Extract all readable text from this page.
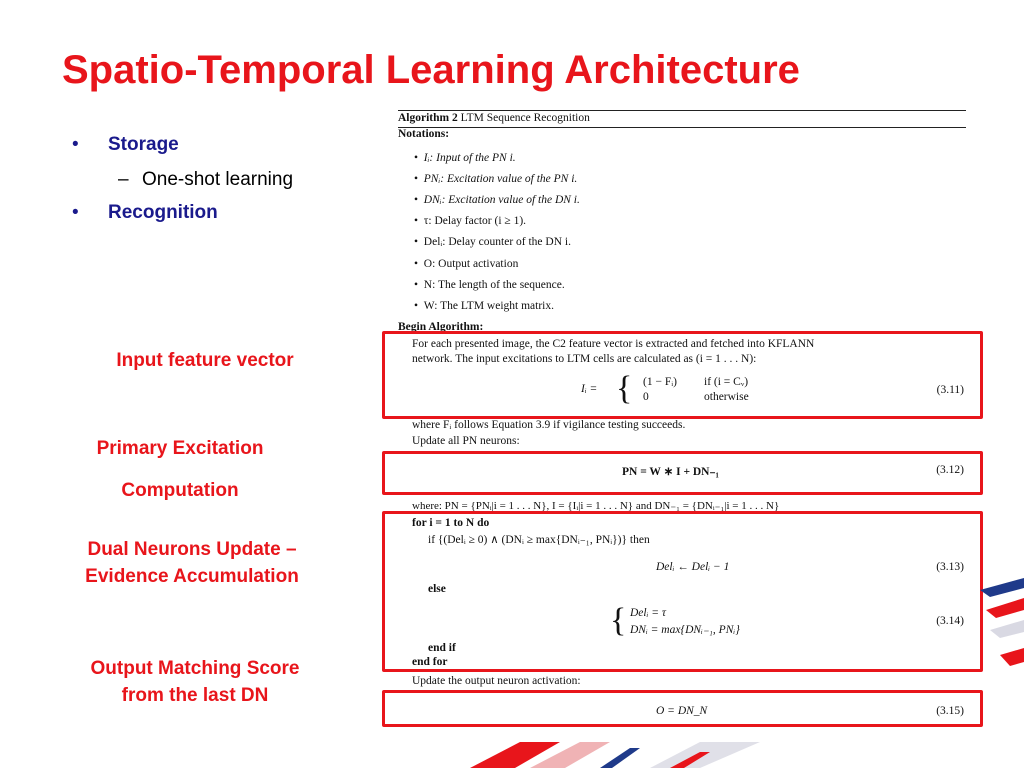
Spatio-Temporal Learning Architecture
• Storage
– One-shot learning
• Recognition
Input feature vector
Primary Excitation
Computation
Dual Neurons Update –
Evidence Accumulation
Output Matching Score
from the last DN
Algorithm 2 LTM Sequence Recognition
Notations:
•  Iᵢ: Input of the PN i.
•  PNᵢ: Excitation value of the PN i.
•  DNᵢ: Excitation value of the DN i.
•  τ: Delay factor (i ≥ 1).
•  Delᵢ: Delay counter of the DN i.
•  O: Output activation
•  N: The length of the sequence.
•  W: The LTM weight matrix.
Begin Algorithm:
For each presented image, the C2 feature vector is extracted and fetched into KFLANN
network. The input excitations to LTM cells are calculated as (i = 1 . . . N):
Iᵢ = { (1 − Fᵢ) if (i = Cᵥ)
0	otherwise
(3.11)
where Fᵢ follows Equation 3.9 if vigilance testing succeeds.
Update all PN neurons:
PN = W ∗ I + DN₋₁	(3.12)
where: PN = {PNᵢ|i = 1 . . . N}, I = {Iᵢ|i = 1 . . . N} and DN₋₁ = {DNᵢ₋₁|i = 1 . . . N}
for i = 1 to N do
if {(Delᵢ ≥ 0) ∧ (DNᵢ ≥ max{DNᵢ₋₁, PNᵢ})} then
Delᵢ ← Delᵢ − 1	(3.13)
else
{ Delᵢ = τ
DNᵢ = max{DNᵢ₋₁, PNᵢ}
(3.14)
end if
end for
Update the output neuron activation:
O = DN_N	(3.15)
